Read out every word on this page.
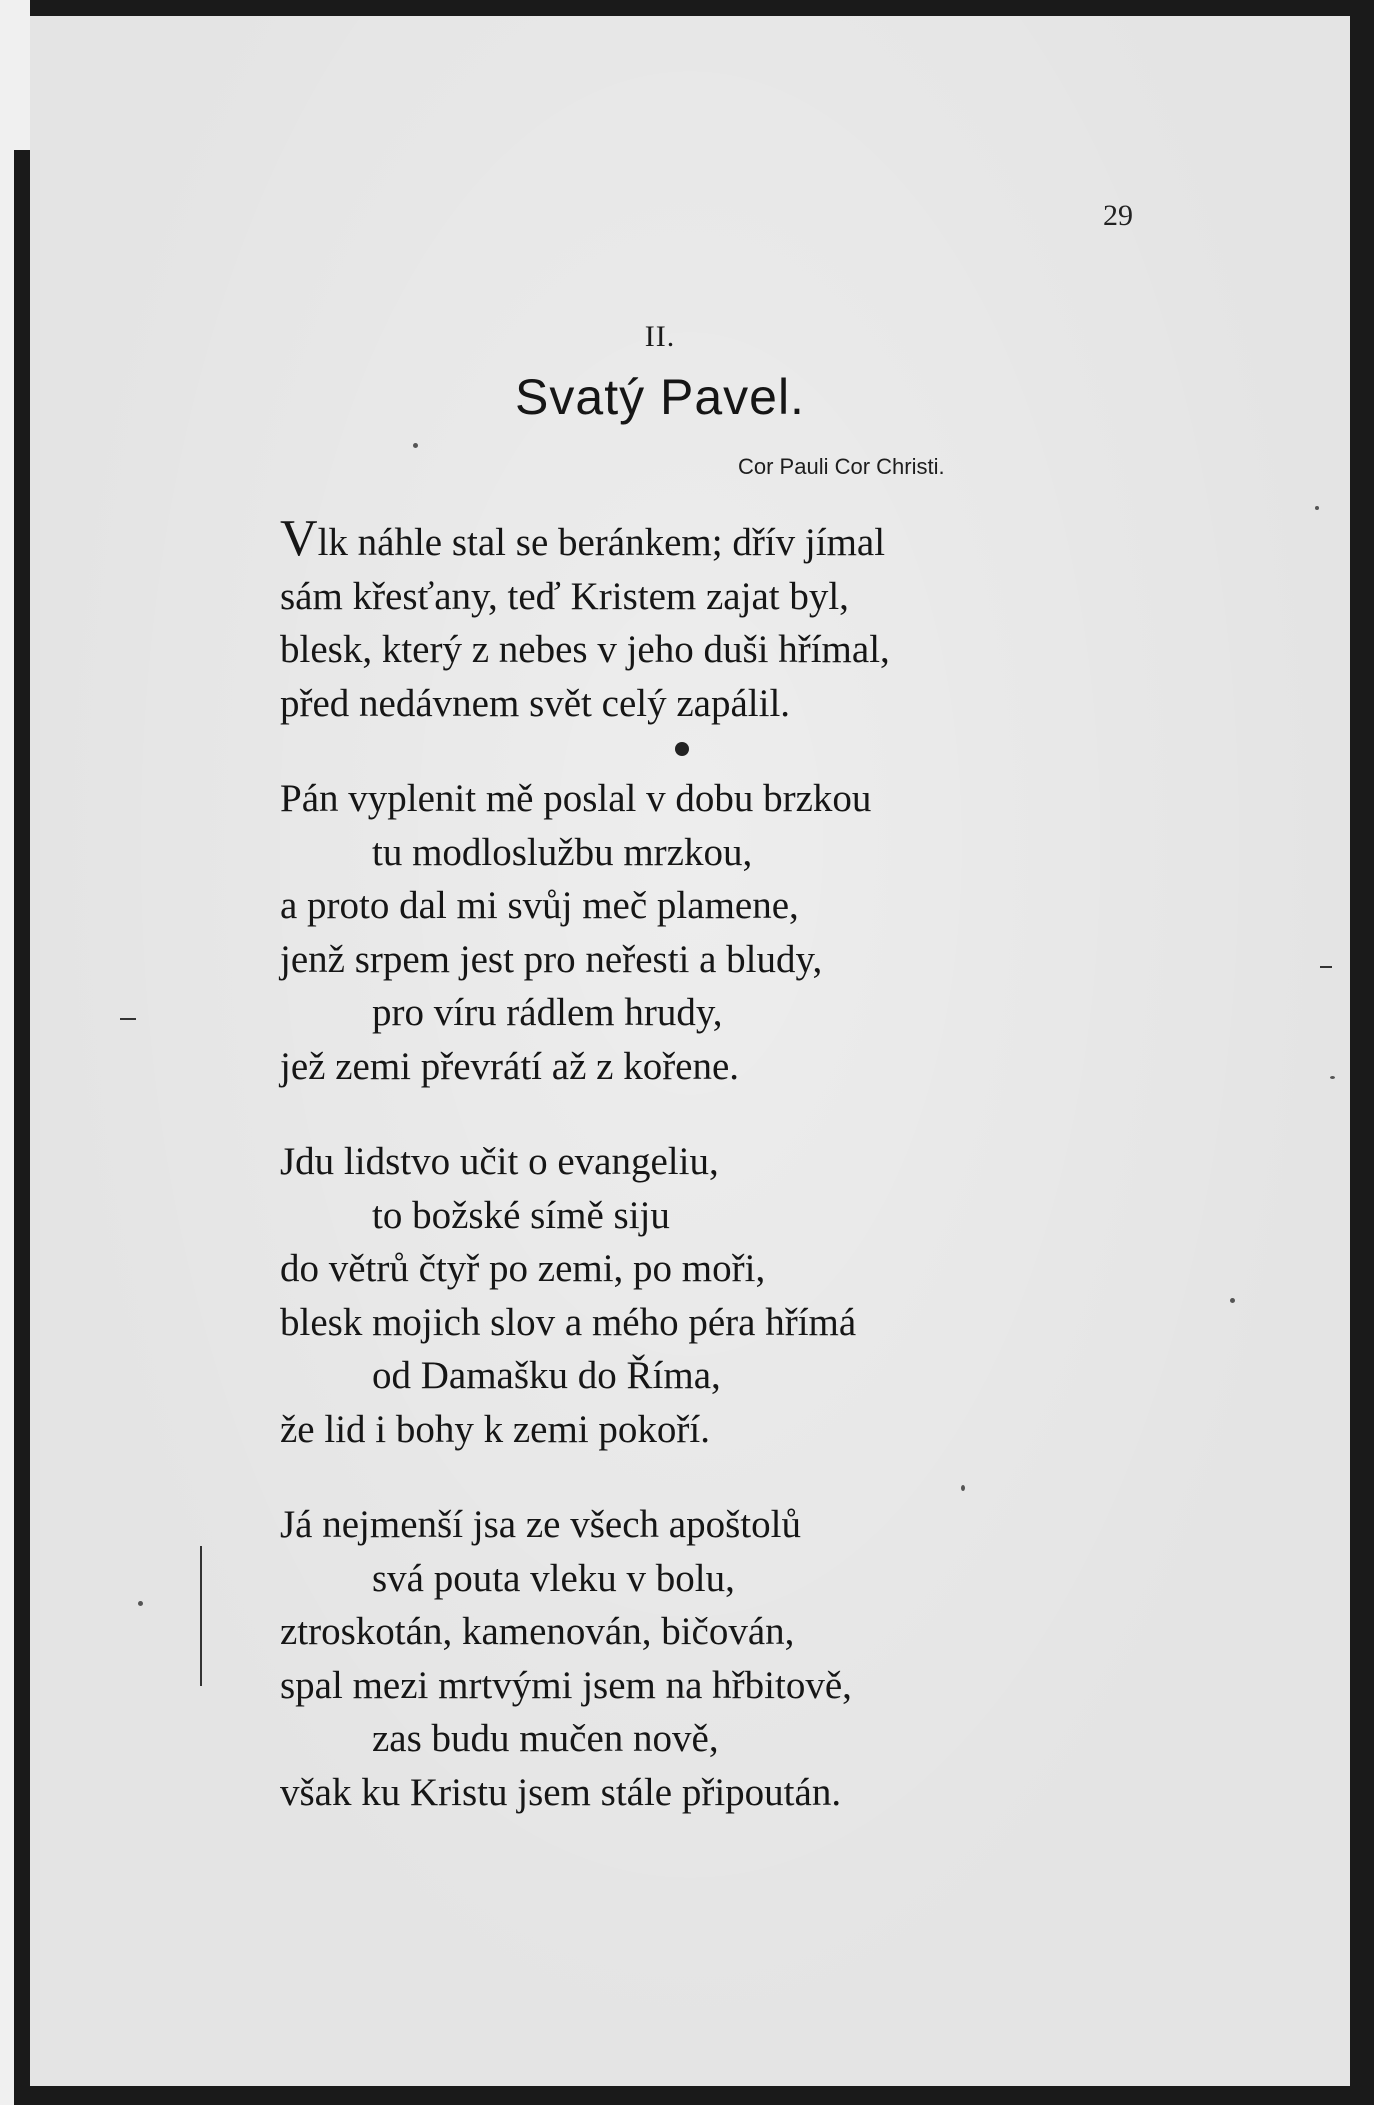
29
II.
Svatý Pavel.
Cor Pauli Cor Christi.
Vlk náhle stal se beránkem; dřív jímal
sám křesťany, teď Kristem zajat byl,
blesk, který z nebes v jeho duši hřímal,
před nedávnem svět celý zapálil.
Pán vyplenit mě poslal v dobu brzkou
tu modloslužbu mrzkou,
a proto dal mi svůj meč plamene,
jenž srpem jest pro neřesti a bludy,
pro víru rádlem hrudy,
jež zemi převrátí až z kořene.
Jdu lidstvo učit o evangeliu,
to božské símě siju
do větrů čtyř po zemi, po moři,
blesk mojich slov a mého péra hřímá
od Damašku do Říma,
že lid i bohy k zemi pokoří.
Já nejmenší jsa ze všech apoštolů
svá pouta vleku v bolu,
ztroskotán, kamenován, bičován,
spal mezi mrtvými jsem na hřbitově,
zas budu mučen nově,
však ku Kristu jsem stále připoután.
